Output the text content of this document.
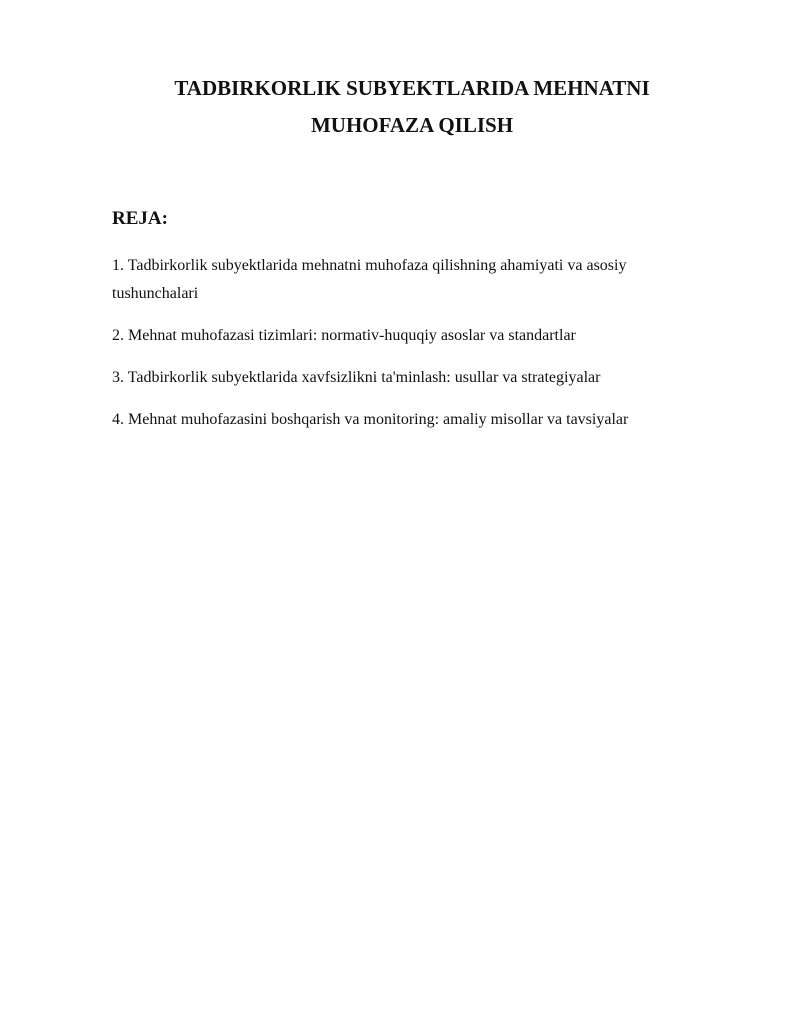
TADBIRKORLIK SUBYEKTLARIDA MEHNATNI
MUHOFAZA QILISH
REJA:
1. Tadbirkorlik subyektlarida mehnatni muhofaza qilishning ahamiyati va asosiy tushunchalari
2. Mehnat muhofazasi tizimlari: normativ-huquqiy asoslar va standartlar
3. Tadbirkorlik subyektlarida xavfsizlikni ta'minlash: usullar va strategiyalar
4. Mehnat muhofazasini boshqarish va monitoring: amaliy misollar va tavsiyalar
